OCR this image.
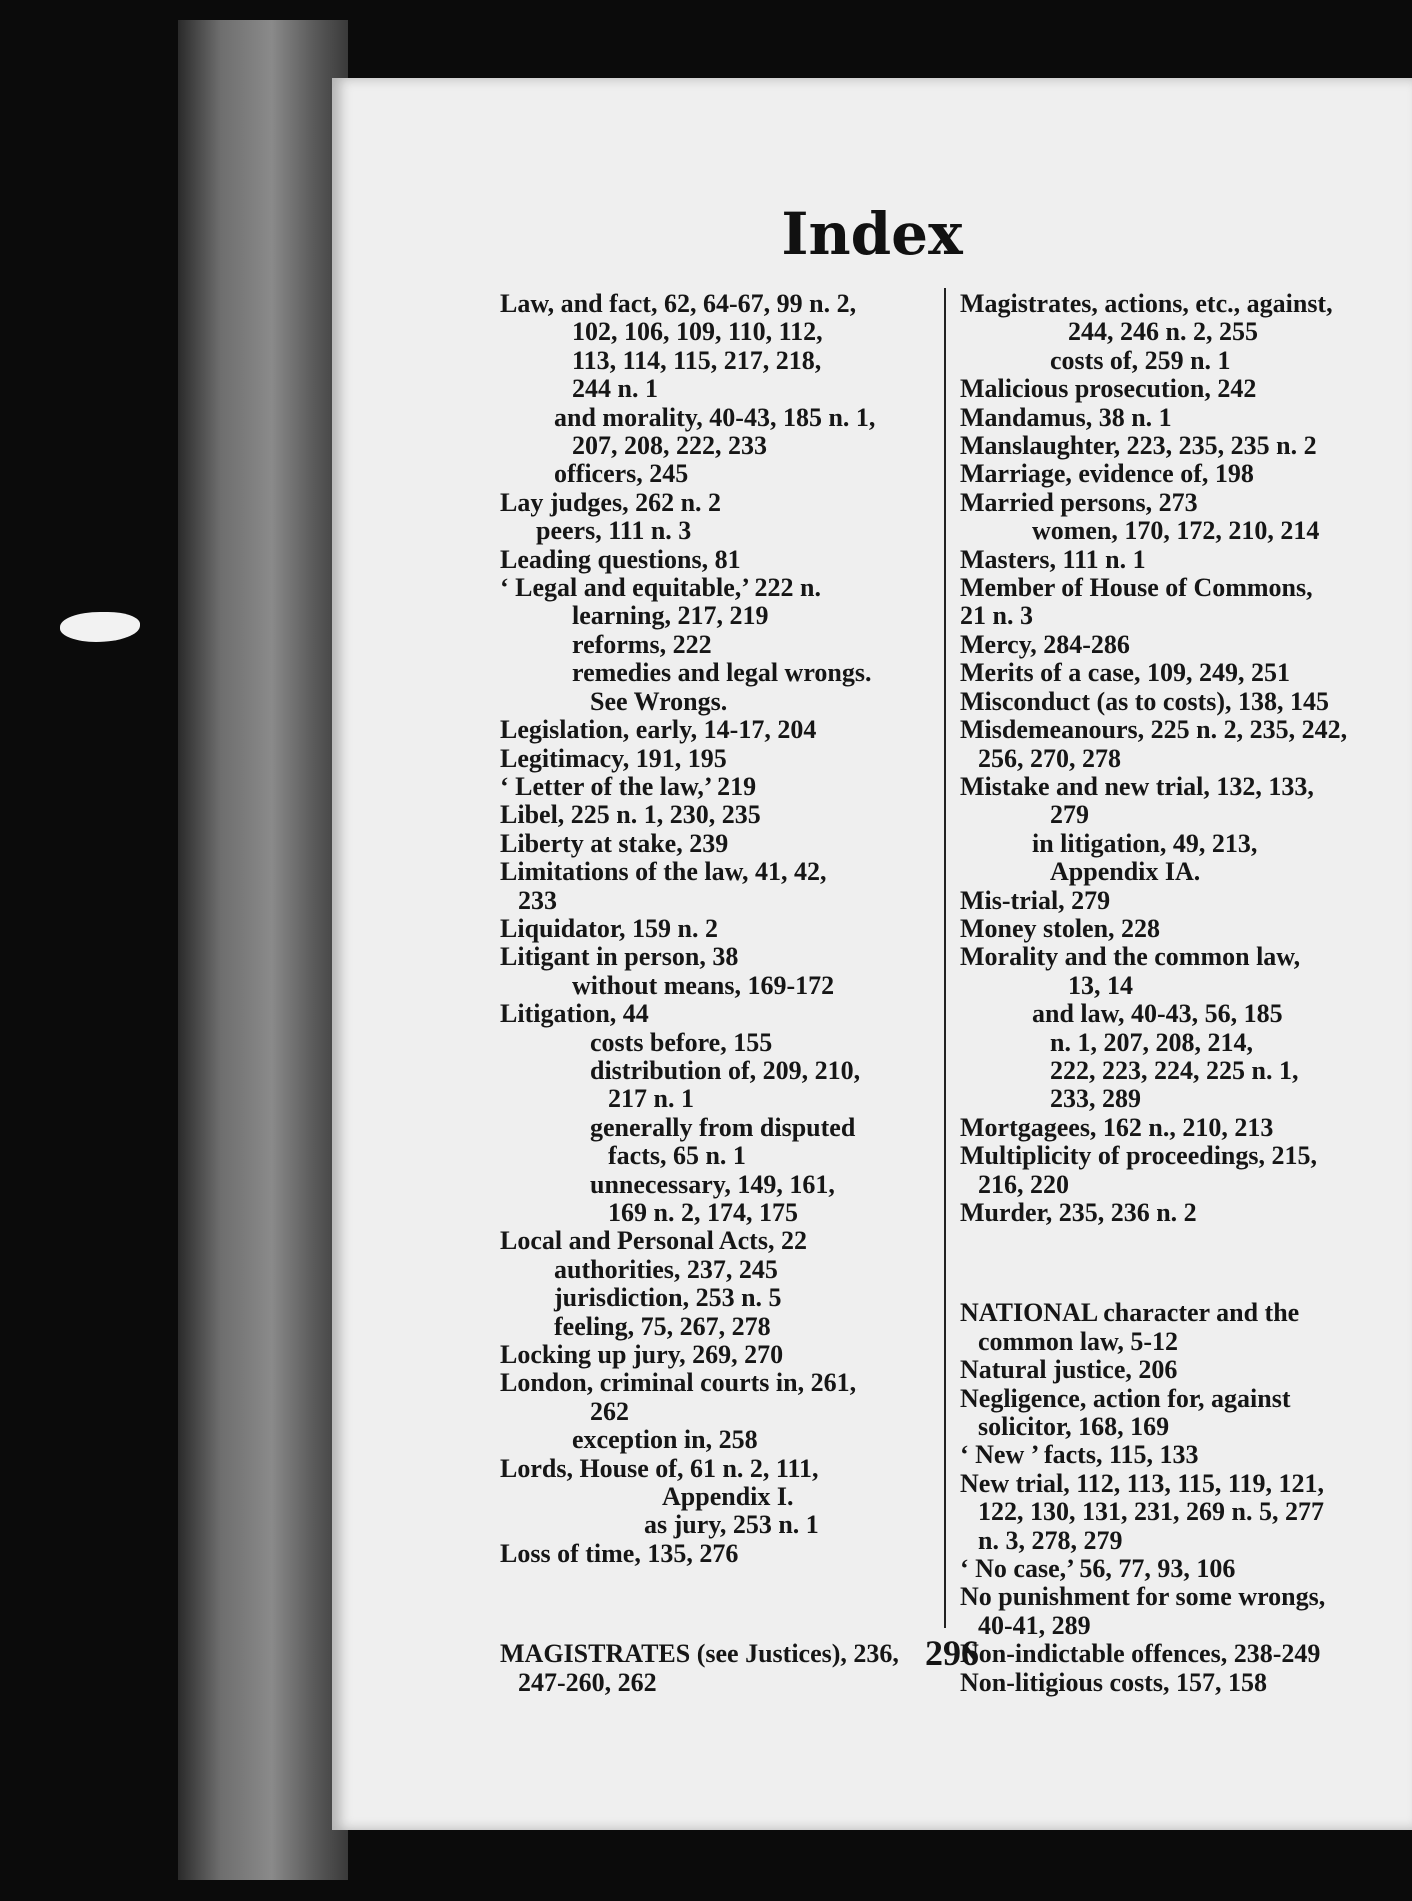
Index
Law, and fact, 62, 64-67, 99 n. 2,
102, 106, 109, 110, 112,
113, 114, 115, 217, 218,
244 n. 1
and morality, 40-43, 185 n. 1,
207, 208, 222, 233
officers, 245
Lay judges, 262 n. 2
peers, 111 n. 3
Leading questions, 81
‘ Legal and equitable,’ 222 n.
learning, 217, 219
reforms, 222
remedies and legal wrongs.
See Wrongs.
Legislation, early, 14-17, 204
Legitimacy, 191, 195
‘ Letter of the law,’ 219
Libel, 225 n. 1, 230, 235
Liberty at stake, 239
Limitations of the law, 41, 42,
233
Liquidator, 159 n. 2
Litigant in person, 38
without means, 169-172
Litigation, 44
costs before, 155
distribution of, 209, 210,
217 n. 1
generally from disputed
facts, 65 n. 1
unnecessary, 149, 161,
169 n. 2, 174, 175
Local and Personal Acts, 22
authorities, 237, 245
jurisdiction, 253 n. 5
feeling, 75, 267, 278
Locking up jury, 269, 270
London, criminal courts in, 261,
262
exception in, 258
Lords, House of, 61 n. 2, 111,
Appendix I.
as jury, 253 n. 1
Loss of time, 135, 276
MAGISTRATES (see Justices), 236,
247-260, 262
Magistrates, actions, etc., against,
244, 246 n. 2, 255
costs of, 259 n. 1
Malicious prosecution, 242
Mandamus, 38 n. 1
Manslaughter, 223, 235, 235 n. 2
Marriage, evidence of, 198
Married persons, 273
women, 170, 172, 210, 214
Masters, 111 n. 1
Member of House of Commons,
21 n. 3
Mercy, 284-286
Merits of a case, 109, 249, 251
Misconduct (as to costs), 138, 145
Misdemeanours, 225 n. 2, 235, 242,
256, 270, 278
Mistake and new trial, 132, 133,
279
in litigation, 49, 213,
Appendix IA.
Mis-trial, 279
Money stolen, 228
Morality and the common law,
13, 14
and law, 40-43, 56, 185
n. 1, 207, 208, 214,
222, 223, 224, 225 n. 1,
233, 289
Mortgagees, 162 n., 210, 213
Multiplicity of proceedings, 215,
216, 220
Murder, 235, 236 n. 2
NATIONAL character and the
common law, 5-12
Natural justice, 206
Negligence, action for, against
solicitor, 168, 169
‘ New ’ facts, 115, 133
New trial, 112, 113, 115, 119, 121,
122, 130, 131, 231, 269 n. 5, 277
n. 3, 278, 279
‘ No case,’ 56, 77, 93, 106
No punishment for some wrongs,
40-41, 289
Non-indictable offences, 238-249
Non-litigious costs, 157, 158
296
